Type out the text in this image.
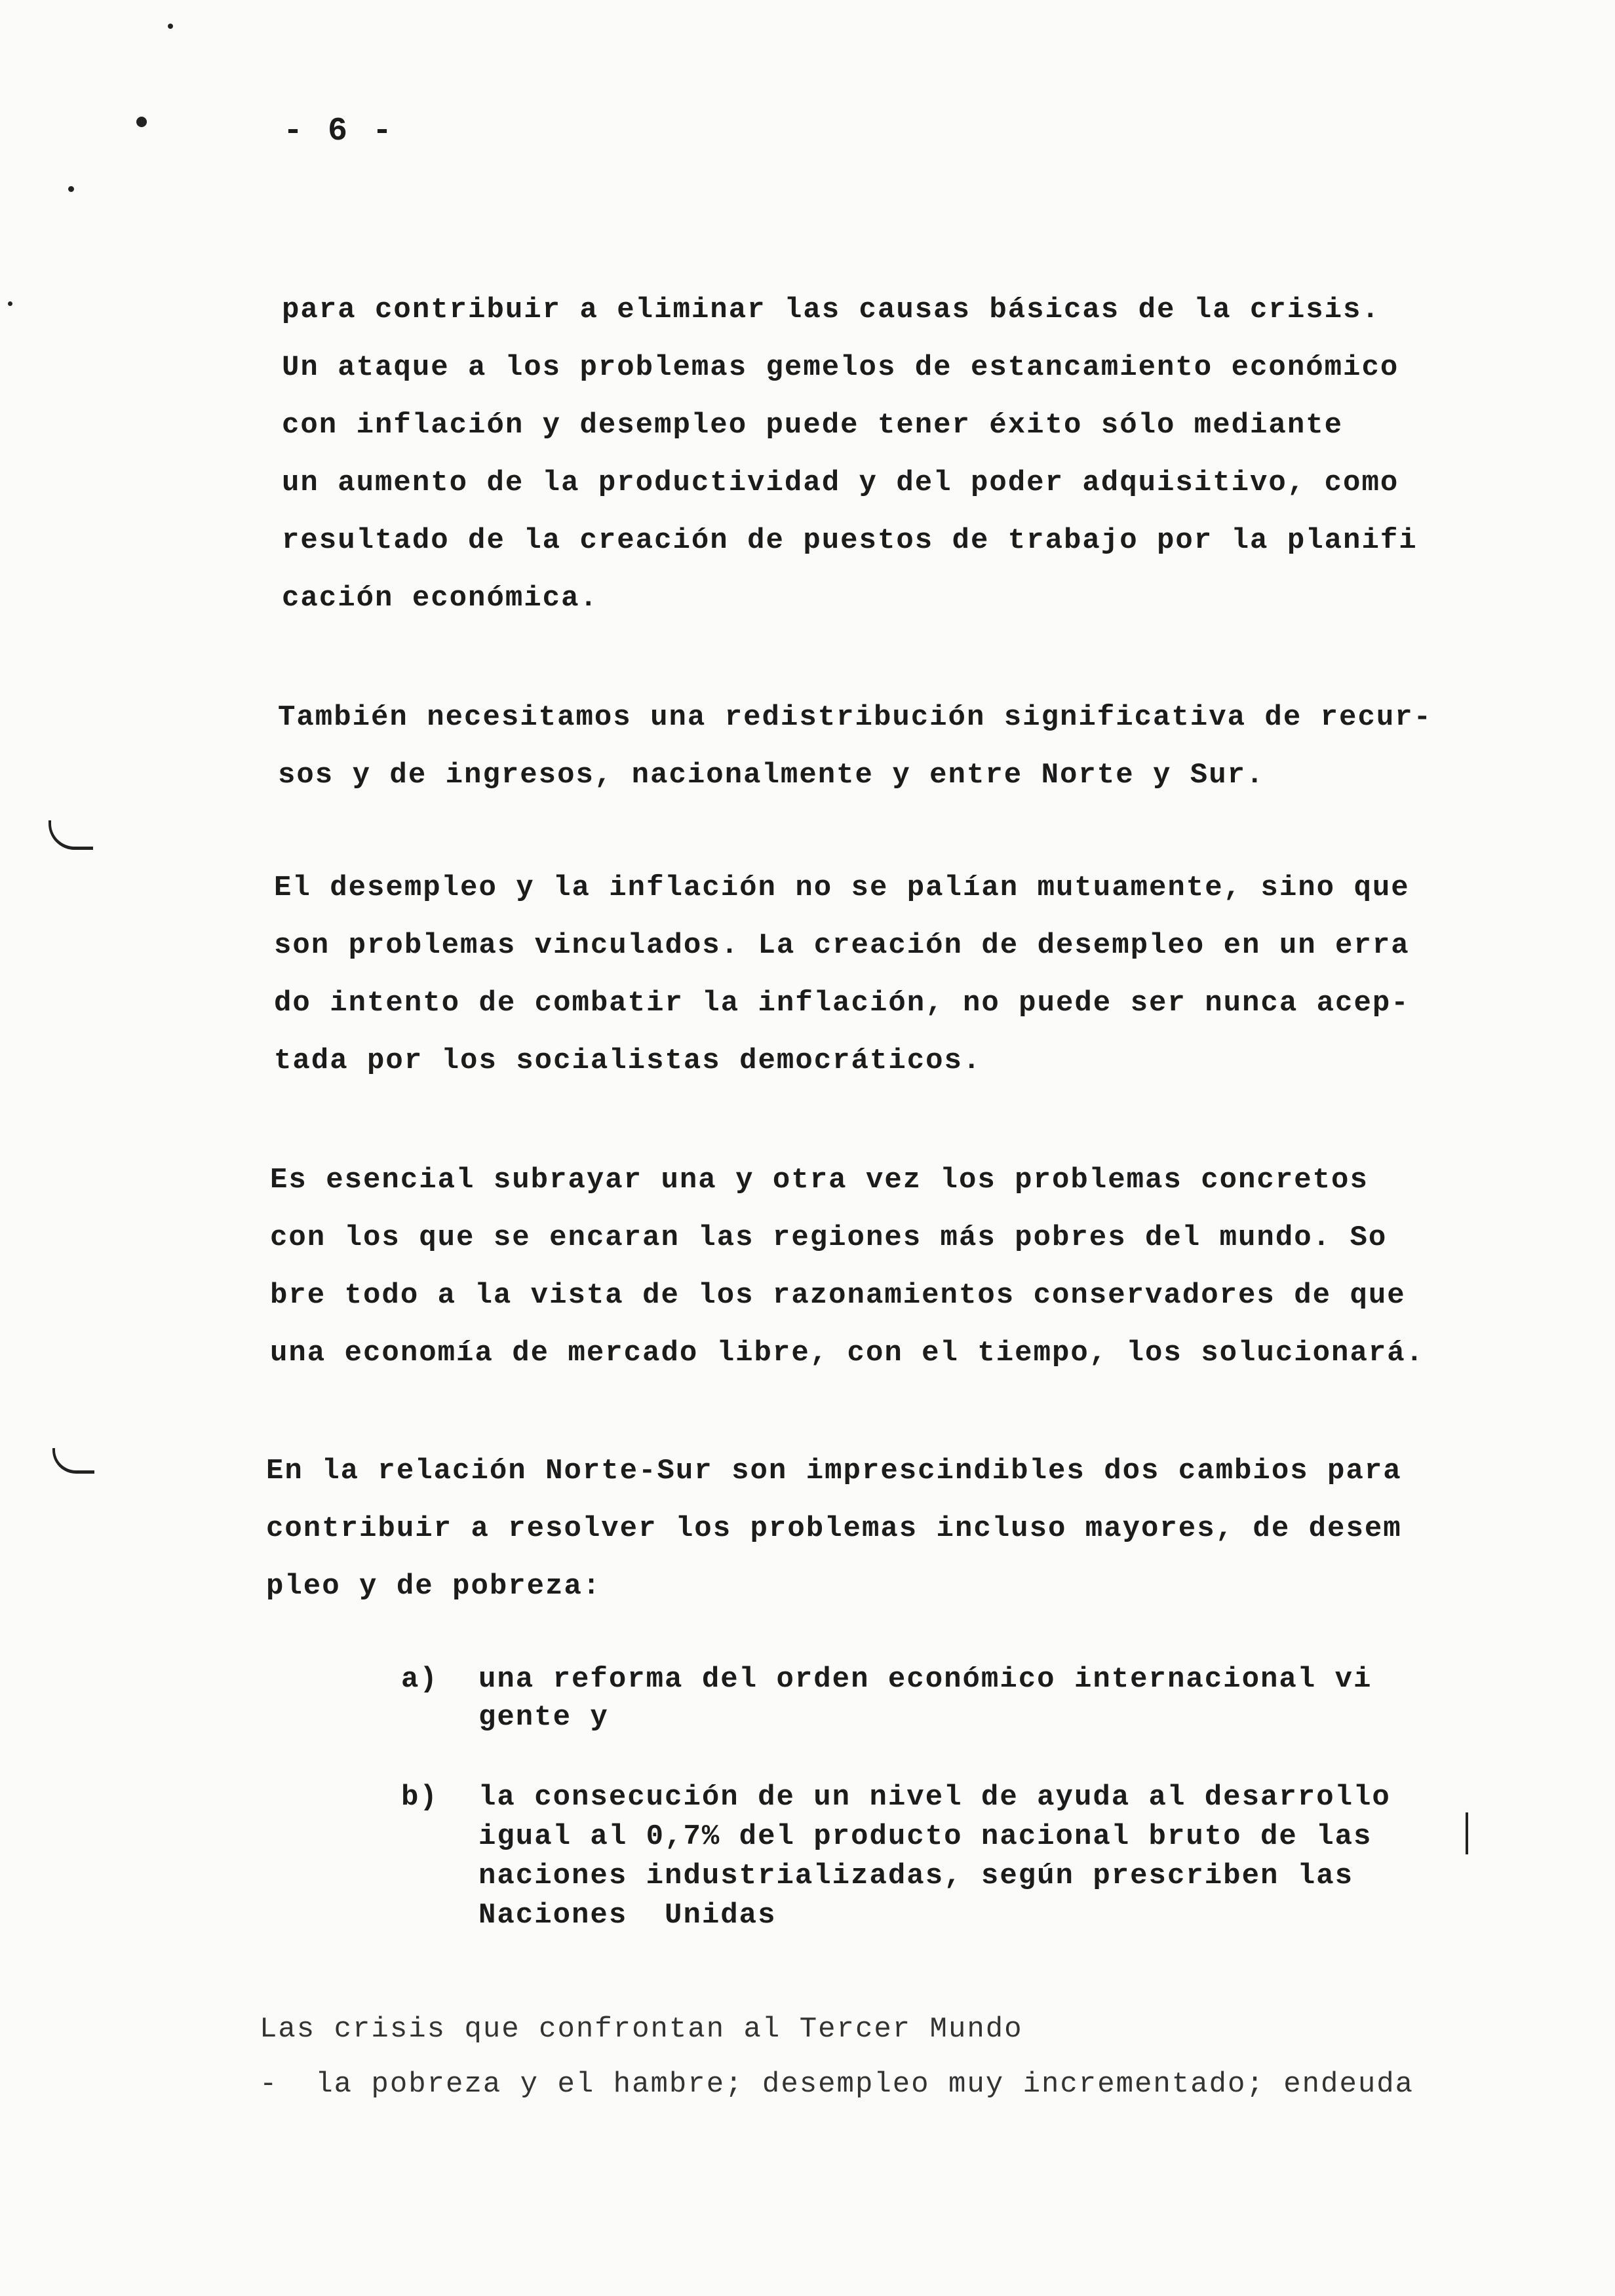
- 6 -

para contribuir a eliminar las causas básicas de la crisis.

Un ataque a los problemas gemelos de estancamiento económico

con inflación y desempleo puede tener éxito sólo mediante

un aumento de la productividad y del poder adquisitivo, como

resultado de la creación de puestos de trabajo por la planifi

cación económica.

También necesitamos una redistribución significativa de recur-

sos y de ingresos, nacionalmente y entre Norte y Sur.

El desempleo y la inflación no se palían mutuamente, sino que

son problemas vinculados. La creación de desempleo en un erra

do intento de combatir la inflación, no puede ser nunca acep-

tada por los socialistas democráticos.

Es esencial subrayar una y otra vez los problemas concretos

con los que se encaran las regiones más pobres del mundo. So

bre todo a la vista de los razonamientos conservadores de que

una economía de mercado libre, con el tiempo, los solucionará.

En la relación Norte-Sur son imprescindibles dos cambios para

contribuir a resolver los problemas incluso mayores, de desem

pleo y de pobreza:

a)

una reforma del orden económico internacional vi

gente y

b)

la consecución de un nivel de ayuda al desarrollo

igual al 0,7% del producto nacional bruto de las

naciones industrializadas, según prescriben las

Naciones  Unidas

Las crisis que confrontan al Tercer Mundo

-  la pobreza y el hambre; desempleo muy incrementado; endeuda
